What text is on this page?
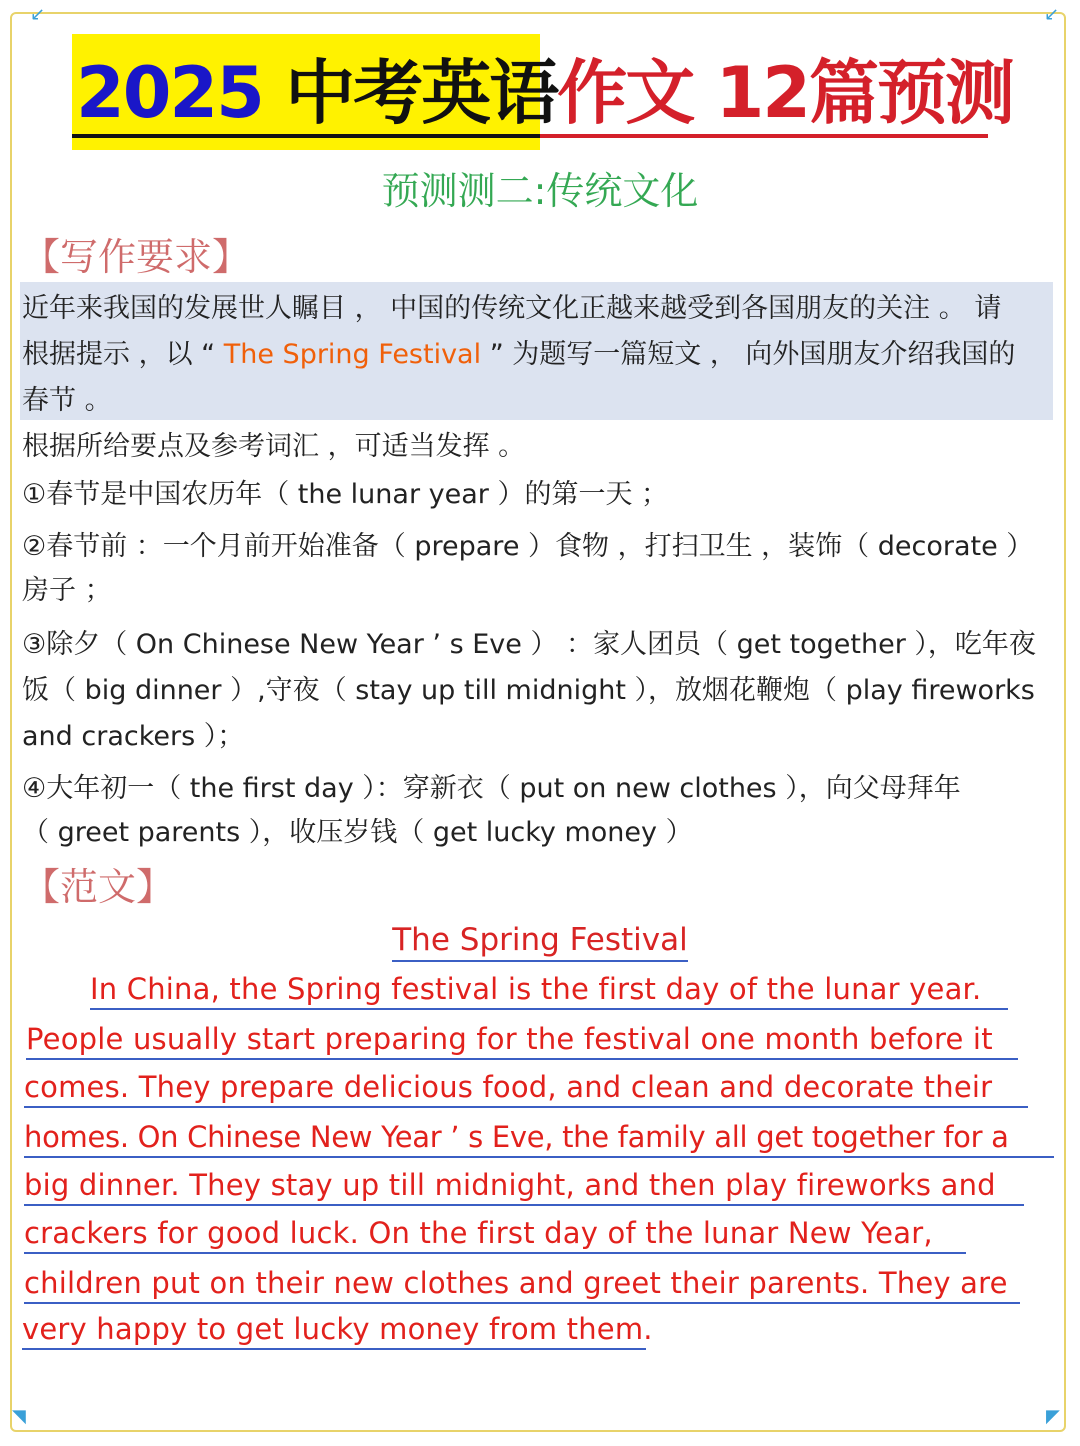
↙	↙
◥	◤
2025 中考英语作文 12篇预测
预测测二:传统文化
【写作要求】
近年来我国的发展世人瞩目 ， 中国的传统文化正越来越受到各国朋友的关注 。 请
根据提示 ，以 “ The Spring Festival ” 为题写一篇短文 ， 向外国朋友介绍我国的
春节 。
根据所给要点及参考词汇 ，可适当发挥 。
①春节是中国农历年（ the lunar year ）的第一天 ；
②春节前 ：一个月前开始准备（ prepare ）食物 ，打扫卫生 ，装饰（ decorate ）
房子 ；
③除夕（ On Chinese New Year ’ s Eve ） ：家人团员（ get together ），吃年夜
饭（ big dinner ）,守夜（ stay up till midnight ），放烟花鞭炮（ play fireworks
and crackers ）；
④大年初一（ the first day ）：穿新衣（ put on new clothes ），向父母拜年
（ greet parents ），收压岁钱（ get lucky money ）
【范文】
The Spring Festival
In China, the Spring festival is the first day of the lunar year.
People usually start preparing for the festival one month before it
comes. They prepare delicious food, and clean and decorate their
homes. On Chinese New Year ’ s Eve, the family all get together for a
big dinner. They stay up till midnight, and then play fireworks and
crackers for good luck. On the first day of the lunar New Year,
children put on their new clothes and greet their parents. They are
very happy to get lucky money from them.
